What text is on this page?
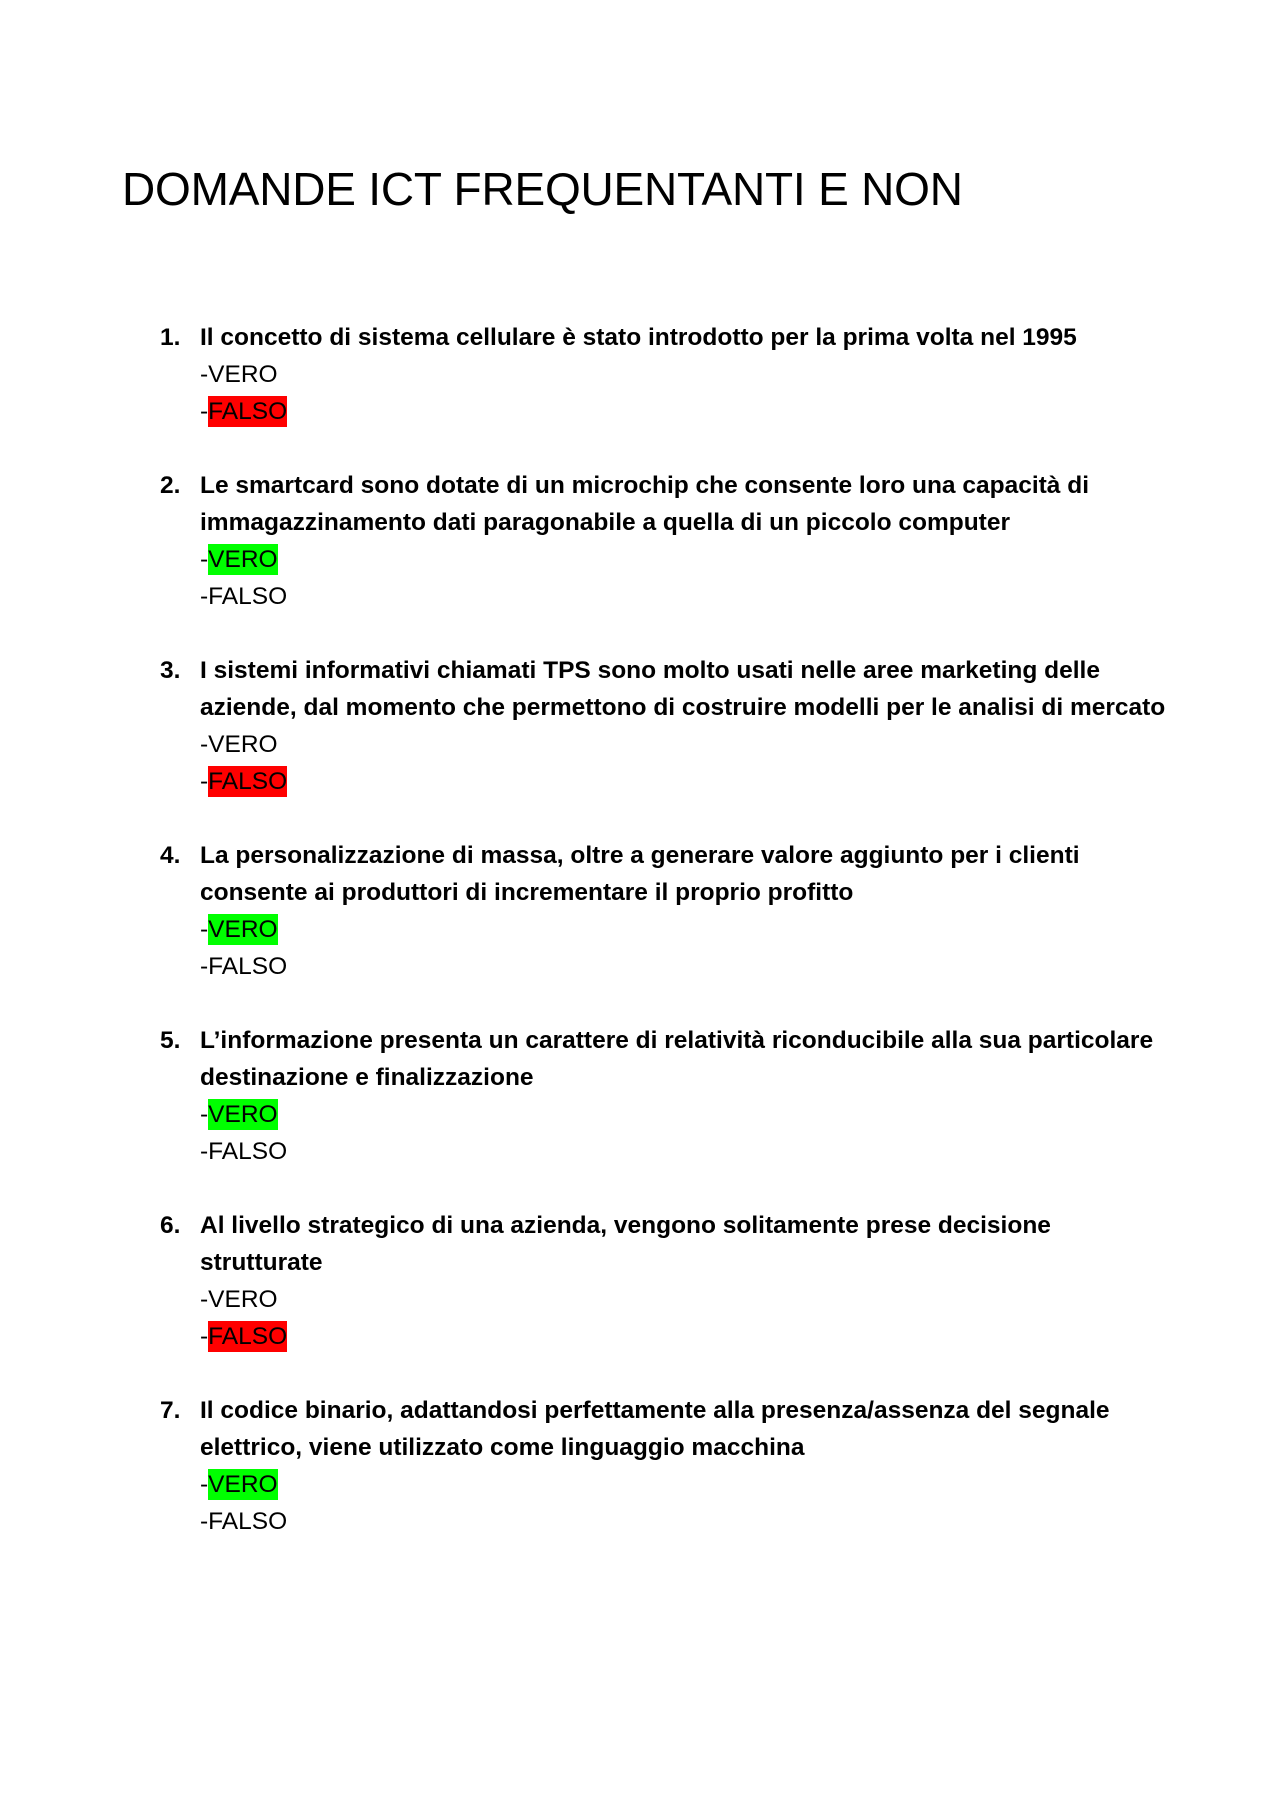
DOMANDE ICT FREQUENTANTI E NON
1. Il concetto di sistema cellulare è stato introdotto per la prima volta nel 1995
-VERO
-FALSO
2. Le smartcard sono dotate di un microchip che consente loro una capacità di immagazzinamento dati paragonabile a quella di un piccolo computer
-VERO
-FALSO
3. I sistemi informativi chiamati TPS sono molto usati nelle aree marketing delle aziende, dal momento che permettono di costruire modelli per le analisi di mercato
-VERO
-FALSO
4. La personalizzazione di massa, oltre a generare valore aggiunto per i clienti consente ai produttori di incrementare il proprio profitto
-VERO
-FALSO
5. L’informazione presenta un carattere di relatività riconducibile alla sua particolare destinazione e finalizzazione
-VERO
-FALSO
6. Al livello strategico di una azienda, vengono solitamente prese decisione strutturate
-VERO
-FALSO
7. Il codice binario, adattandosi perfettamente alla presenza/assenza del segnale elettrico, viene utilizzato come linguaggio macchina
-VERO
-FALSO
